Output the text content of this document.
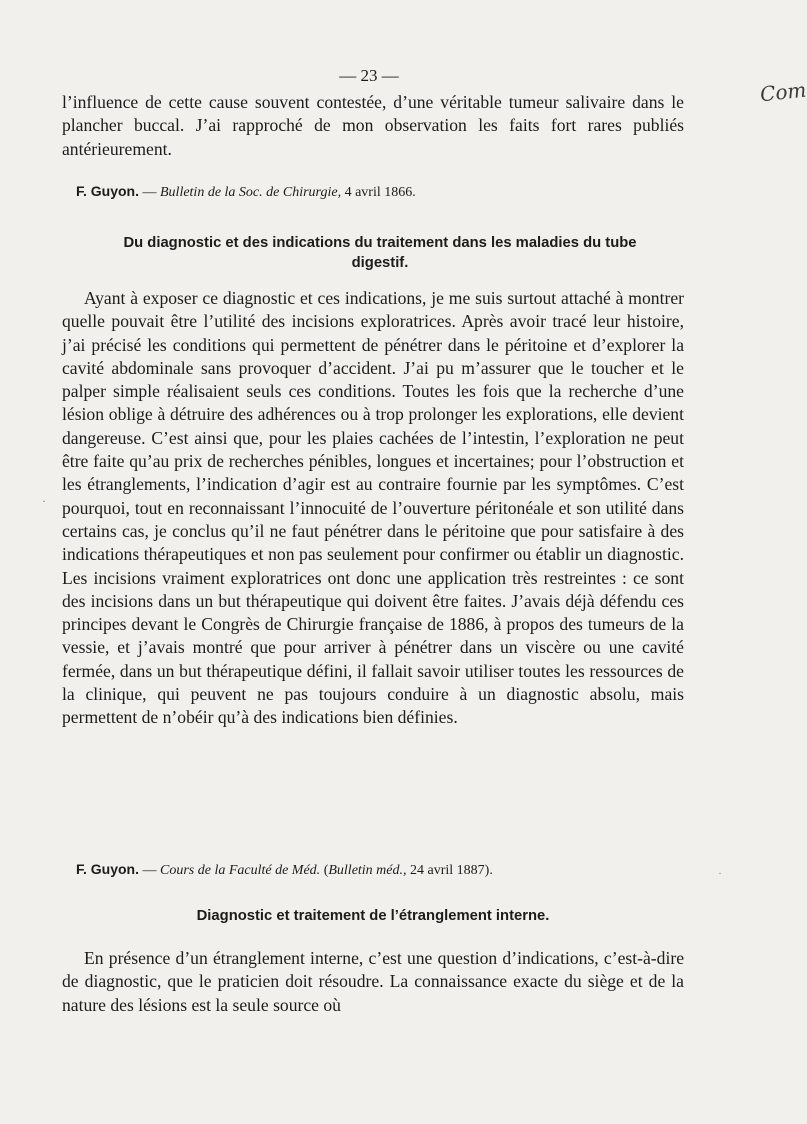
— 23 —
Com

l’influence de cette cause souvent contestée, d’une véritable tumeur salivaire dans le plancher buccal. J’ai rapproché de mon observation les faits fort rares publiés antérieurement.

F. Guyon. — Bulletin de la Soc. de Chirurgie, 4 avril 1866.

Du diagnostic et des indications du traitement dans les maladies du tube digestif.

Ayant à exposer ce diagnostic et ces indications, je me suis surtout attaché à montrer quelle pouvait être l’utilité des incisions exploratrices. Après avoir tracé leur histoire, j’ai précisé les conditions qui permettent de pénétrer dans le péritoine et d’explorer la cavité abdominale sans provoquer d’accident. J’ai pu m’assurer que le toucher et le palper simple réalisaient seuls ces conditions. Toutes les fois que la recherche d’une lésion oblige à détruire des adhérences ou à trop prolonger les explorations, elle devient dangereuse. C’est ainsi que, pour les plaies cachées de l’intestin, l’exploration ne peut être faite qu’au prix de recherches pénibles, longues et incertaines; pour l’obstruction et les étranglements, l’indication d’agir est au contraire fournie par les symptômes. C’est pourquoi, tout en reconnaissant l’innocuité de l’ouverture péritonéale et son utilité dans certains cas, je conclus qu’il ne faut pénétrer dans le péritoine que pour satisfaire à des indications thérapeutiques et non pas seulement pour confirmer ou établir un diagnostic. Les incisions vraiment exploratrices ont donc une application très restreintes : ce sont des incisions dans un but thérapeutique qui doivent être faites. J’avais déjà défendu ces principes devant le Congrès de Chirurgie française de 1886, à propos des tumeurs de la vessie, et j’avais montré que pour arriver à pénétrer dans un viscère ou une cavité fermée, dans un but thérapeutique défini, il fallait savoir utiliser toutes les ressources de la clinique, qui peuvent ne pas toujours conduire à un diagnostic absolu, mais permettent de n’obéir qu’à des indications bien définies.

F. Guyon. — Cours de la Faculté de Méd. (Bulletin méd., 24 avril 1887).

Diagnostic et traitement de l’étranglement interne.

En présence d’un étranglement interne, c’est une question d’indications, c’est-à-dire de diagnostic, que le praticien doit résoudre. La connaissance exacte du siège et de la nature des lésions est la seule source où

·
·
